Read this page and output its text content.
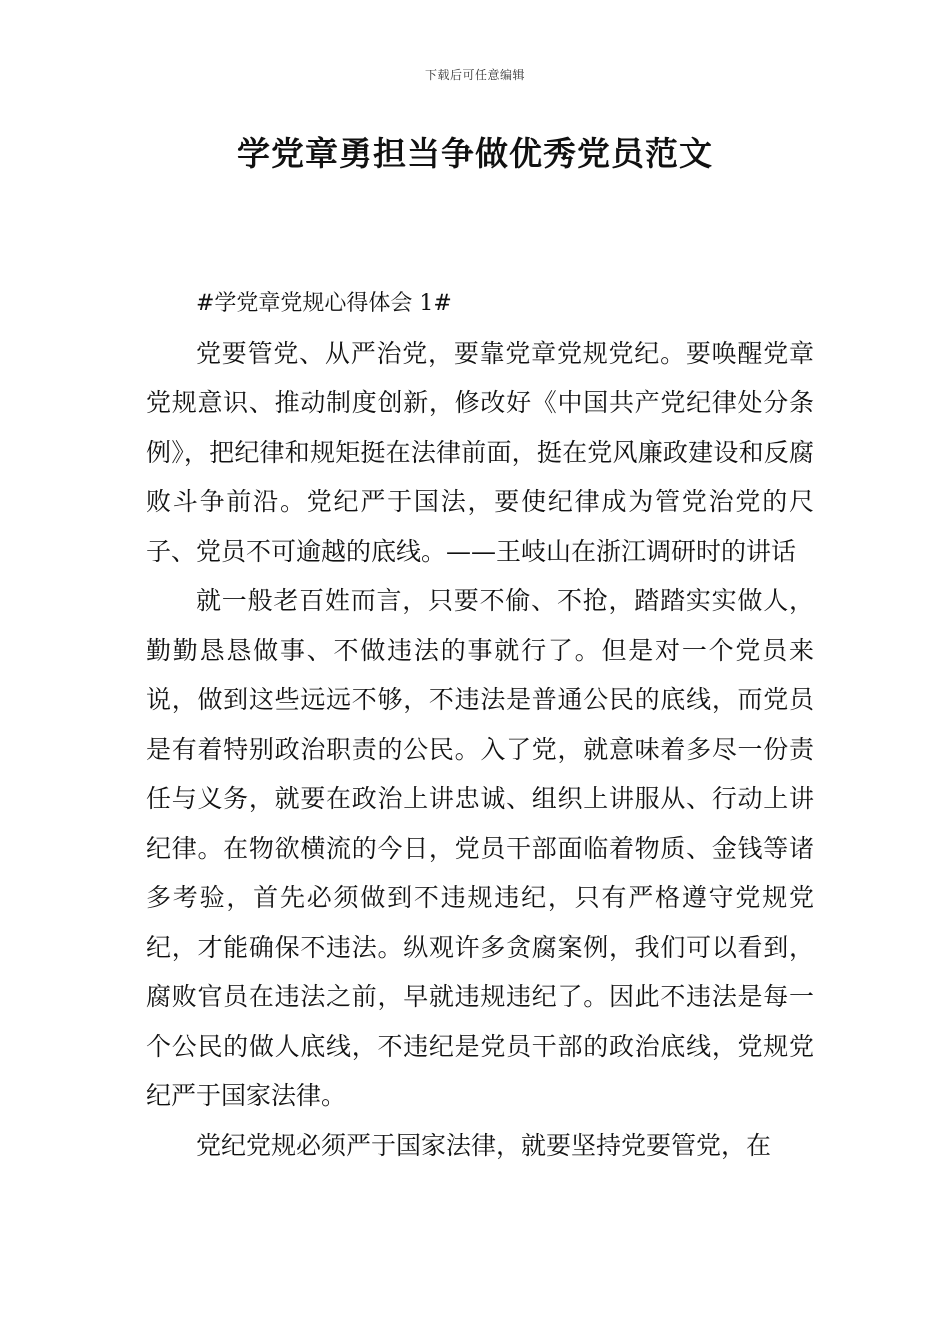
下载后可任意编辑
学党章勇担当争做优秀党员范文

#学党章党规心得体会 1#

党要管党、从严治党，要靠党章党规党纪。要唤醒党章党规意识、推动制度创新，修改好《中国共产党纪律处分条例》，把纪律和规矩挺在法律前面，挺在党风廉政建设和反腐败斗争前沿。党纪严于国法，要使纪律成为管党治党的尺子、党员不可逾越的底线。——王岐山在浙江调研时的讲话

就一般老百姓而言，只要不偷、不抢，踏踏实实做人，勤勤恳恳做事、不做违法的事就行了。但是对一个党员来说，做到这些远远不够，不违法是普通公民的底线，而党员是有着特别政治职责的公民。入了党，就意味着多尽一份责任与义务，就要在政治上讲忠诚、组织上讲服从、行动上讲纪律。在物欲横流的今日，党员干部面临着物质、金钱等诸多考验，首先必须做到不违规违纪，只有严格遵守党规党纪，才能确保不违法。纵观许多贪腐案例，我们可以看到，腐败官员在违法之前，早就违规违纪了。因此不违法是每一个公民的做人底线，不违纪是党员干部的政治底线，党规党纪严于国家法律。

党纪党规必须严于国家法律，就要坚持党要管党，在
